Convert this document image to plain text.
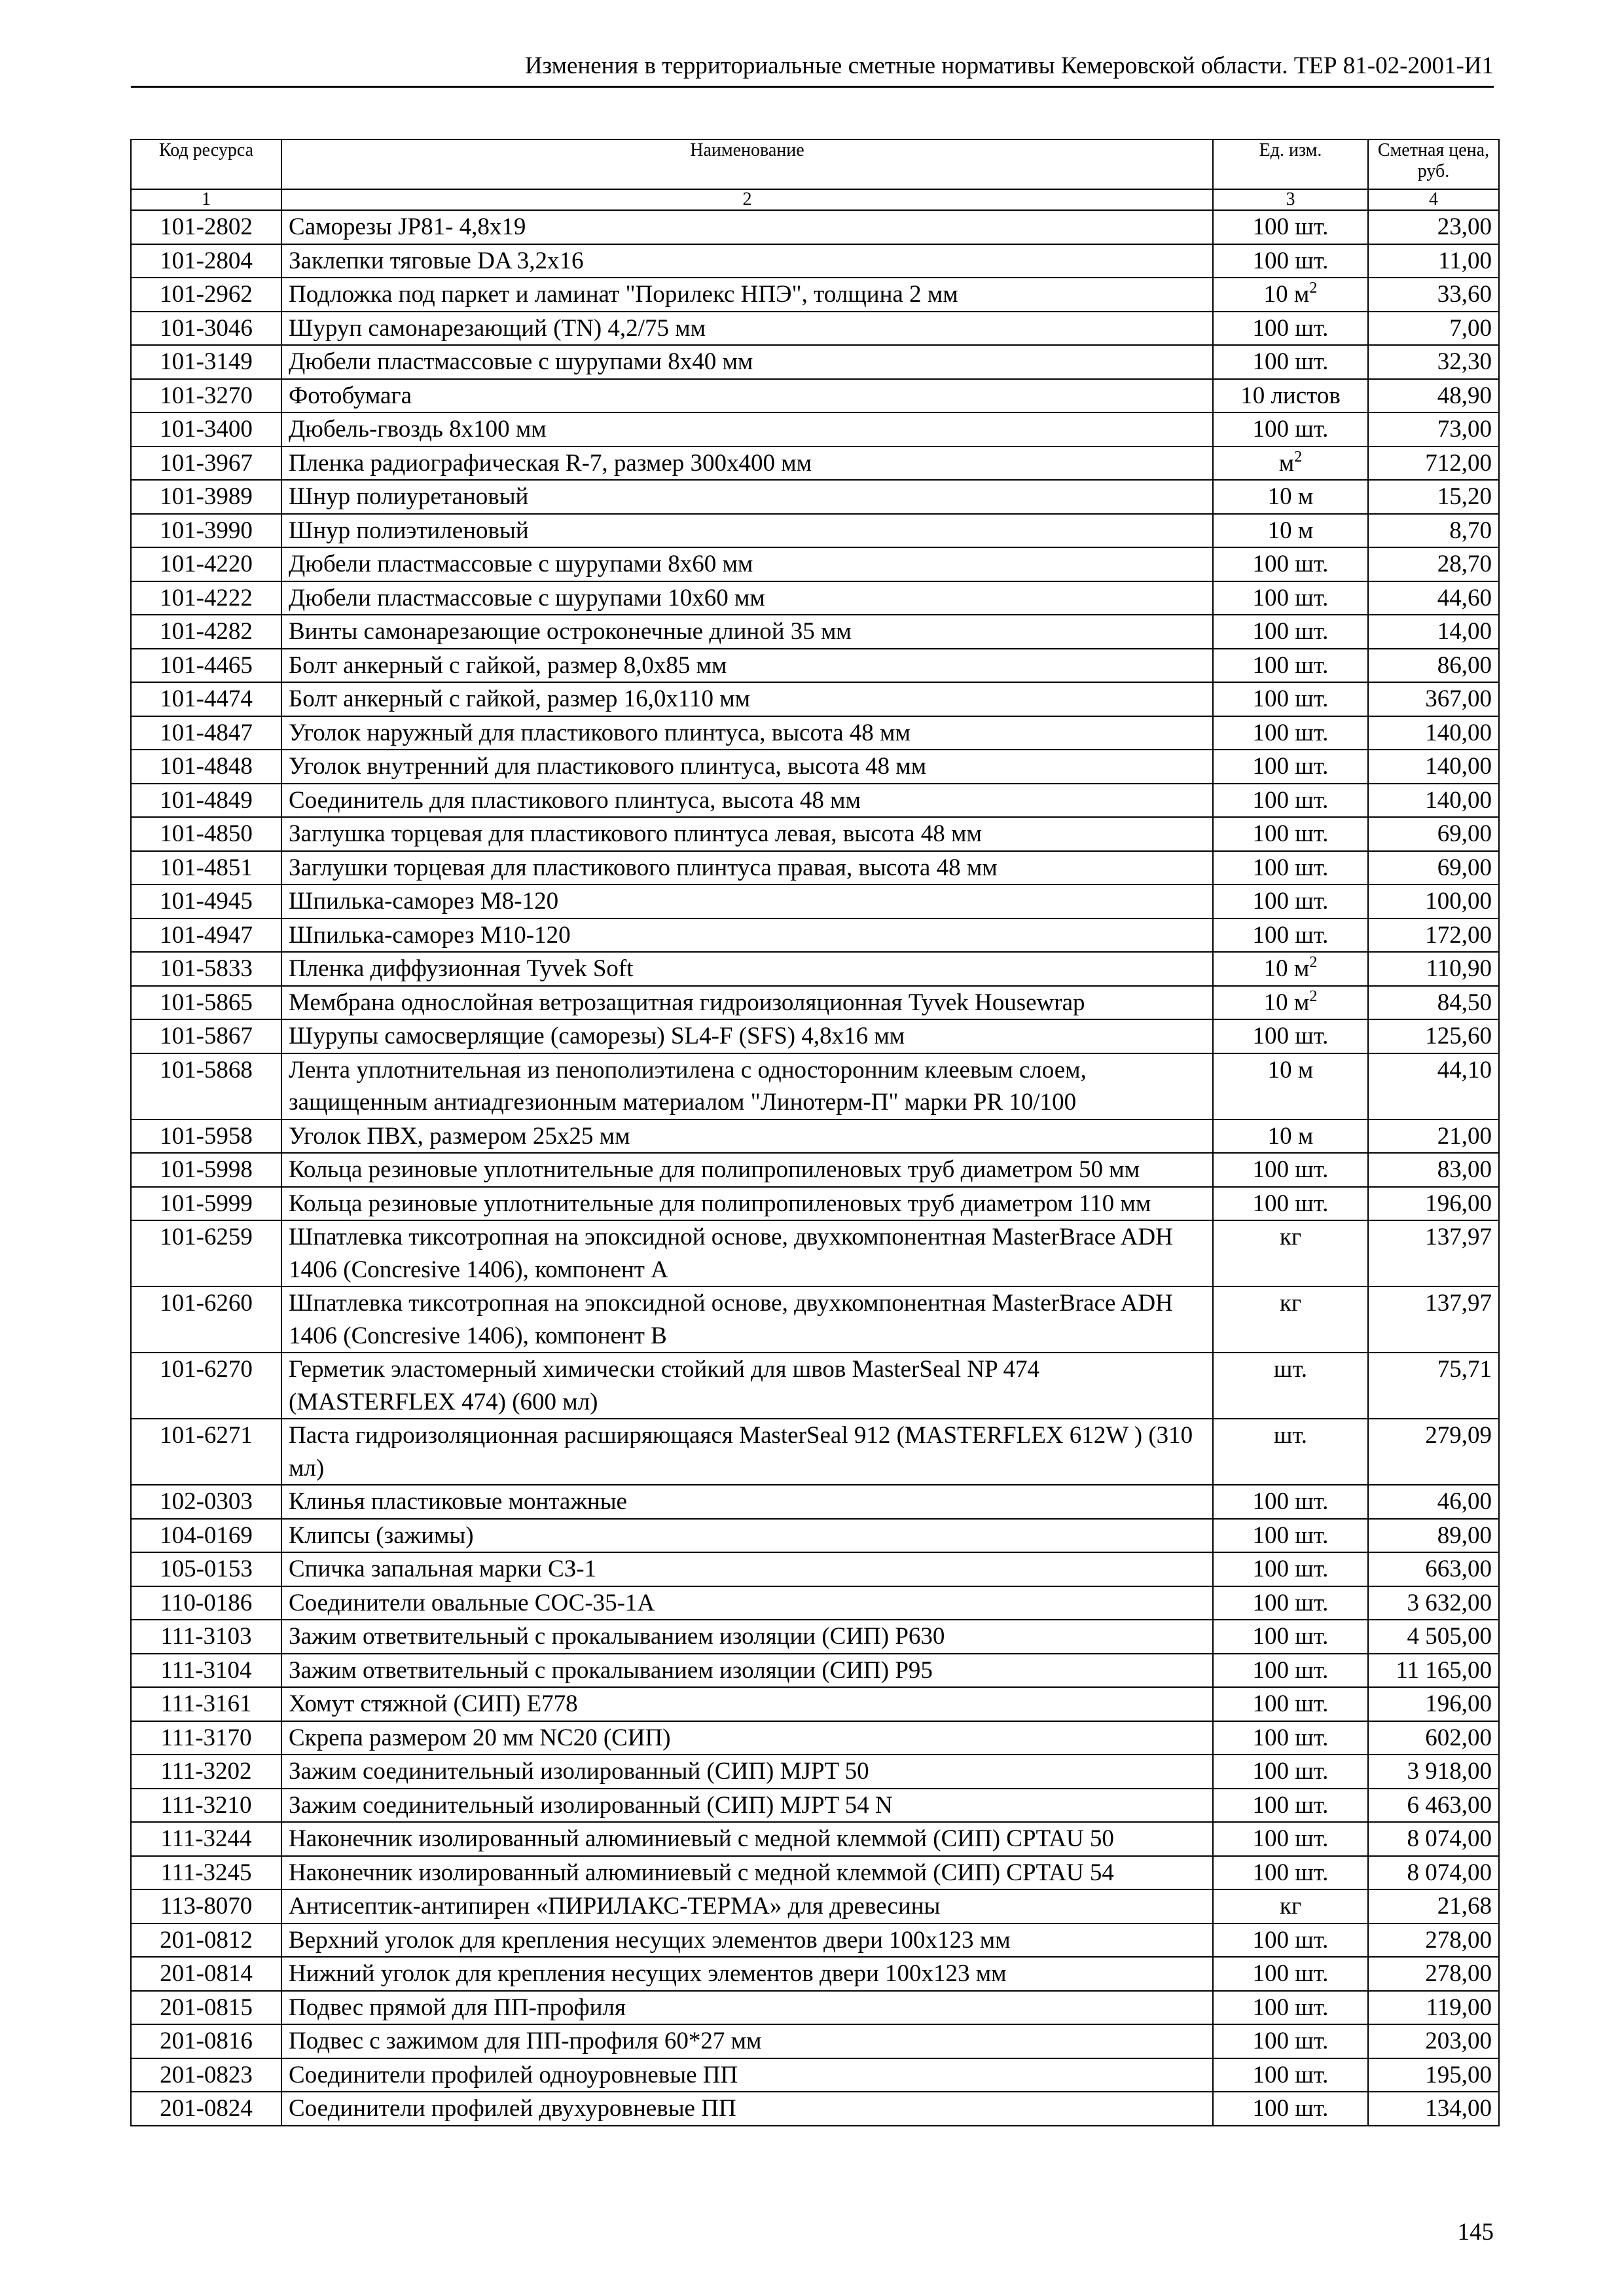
Изменения в территориальные сметные нормативы Кемеровской области. ТЕР 81-02-2001-И1
Код ресурса	Наименование	Ед. изм.	Сметная цена, руб.
1	2	3	4
101-2802	Саморезы JP81- 4,8x19	100 шт.	23,00
101-2804	Заклепки тяговые DA 3,2x16	100 шт.	11,00
101-2962	Подложка под паркет и ламинат "Порилекс НПЭ", толщина 2 мм	10 $м^2$	33,60
101-3046	Шуруп самонарезающий (TN) 4,2/75 мм	100 шт.	7,00
101-3149	Дюбели пластмассовые с шурупами 8x40 мм	100 шт.	32,30
101-3270	Фотобумага	10 листов	48,90
101-3400	Дюбель-гвоздь 8x100 мм	100 шт.	73,00
101-3967	Пленка радиографическая R-7, размер 300x400 мм	$м^2$	712,00
101-3989	Шнур полиуретановый	10 м	15,20
101-3990	Шнур полиэтиленовый	10 м	8,70
101-4220	Дюбели пластмассовые с шурупами 8x60 мм	100 шт.	28,70
101-4222	Дюбели пластмассовые с шурупами 10x60 мм	100 шт.	44,60
101-4282	Винты самонарезающие остроконечные длиной 35 мм	100 шт.	14,00
101-4465	Болт анкерный с гайкой, размер 8,0x85 мм	100 шт.	86,00
101-4474	Болт анкерный с гайкой, размер 16,0x110 мм	100 шт.	367,00
101-4847	Уголок наружный для пластикового плинтуса, высота 48 мм	100 шт.	140,00
101-4848	Уголок внутренний для пластикового плинтуса, высота 48 мм	100 шт.	140,00
101-4849	Соединитель для пластикового плинтуса, высота 48 мм	100 шт.	140,00
101-4850	Заглушка торцевая для пластикового плинтуса левая, высота 48 мм	100 шт.	69,00
101-4851	Заглушки торцевая для пластикового плинтуса правая, высота 48 мм	100 шт.	69,00
101-4945	Шпилька-саморез М8-120	100 шт.	100,00
101-4947	Шпилька-саморез М10-120	100 шт.	172,00
101-5833	Пленка диффузионная Tyvek Soft	10 $м^2$	110,90
101-5865	Мембрана однослойная ветрозащитная гидроизоляционная Tyvek Housewrap	10 $м^2$	84,50
101-5867	Шурупы самосверлящие (саморезы) SL4-F (SFS) 4,8x16 мм	100 шт.	125,60
101-5868	Лента уплотнительная из пенополиэтилена с односторонним клеевым слоем, защищенным антиадгезионным материалом "Линотерм-П" марки PR 10/100	10 м	44,10
101-5958	Уголок ПВХ, размером 25x25 мм	10 м	21,00
101-5998	Кольца резиновые уплотнительные для полипропиленовых труб диаметром 50 мм	100 шт.	83,00
101-5999	Кольца резиновые уплотнительные для полипропиленовых труб диаметром 110 мм	100 шт.	196,00
101-6259	Шпатлевка тиксотропная на эпоксидной основе, двухкомпонентная MasterBrace ADH 1406 (Concresive 1406), компонент A	кг	137,97
101-6260	Шпатлевка тиксотропная на эпоксидной основе, двухкомпонентная MasterBrace ADH 1406 (Concresive 1406), компонент B	кг	137,97
101-6270	Герметик эластомерный химически стойкий для швов MasterSeal NP 474 (MASTERFLEX 474) (600 мл)	шт.	75,71
101-6271	Паста гидроизоляционная расширяющаяся MasterSeal 912 (MASTERFLEX 612W ) (310 мл)	шт.	279,09
102-0303	Клинья пластиковые монтажные	100 шт.	46,00
104-0169	Клипсы (зажимы)	100 шт.	89,00
105-0153	Спичка запальная марки СЗ-1	100 шт.	663,00
110-0186	Соединители овальные СОС-35-1А	100 шт.	3 632,00
111-3103	Зажим ответвительный с прокалыванием изоляции (СИП) P630	100 шт.	4 505,00
111-3104	Зажим ответвительный с прокалыванием изоляции (СИП) P95	100 шт.	11 165,00
111-3161	Хомут стяжной (СИП) E778	100 шт.	196,00
111-3170	Скрепа размером 20 мм NC20 (СИП)	100 шт.	602,00
111-3202	Зажим соединительный изолированный (СИП) MJPT 50	100 шт.	3 918,00
111-3210	Зажим соединительный изолированный (СИП) MJPT 54 N	100 шт.	6 463,00
111-3244	Наконечник изолированный алюминиевый с медной клеммой (СИП) CPTAU 50	100 шт.	8 074,00
111-3245	Наконечник изолированный алюминиевый с медной клеммой (СИП) CPTAU 54	100 шт.	8 074,00
113-8070	Антисептик-антипирен «ПИРИЛАКС-ТЕРМА» для древесины	кг	21,68
201-0812	Верхний уголок для крепления несущих элементов двери 100x123 мм	100 шт.	278,00
201-0814	Нижний уголок для крепления несущих элементов двери 100x123 мм	100 шт.	278,00
201-0815	Подвес прямой для ПП-профиля	100 шт.	119,00
201-0816	Подвес с зажимом для ПП-профиля 60*27 мм	100 шт.	203,00
201-0823	Соединители профилей одноуровневые ПП	100 шт.	195,00
201-0824	Соединители профилей двухуровневые ПП	100 шт.	134,00
145
